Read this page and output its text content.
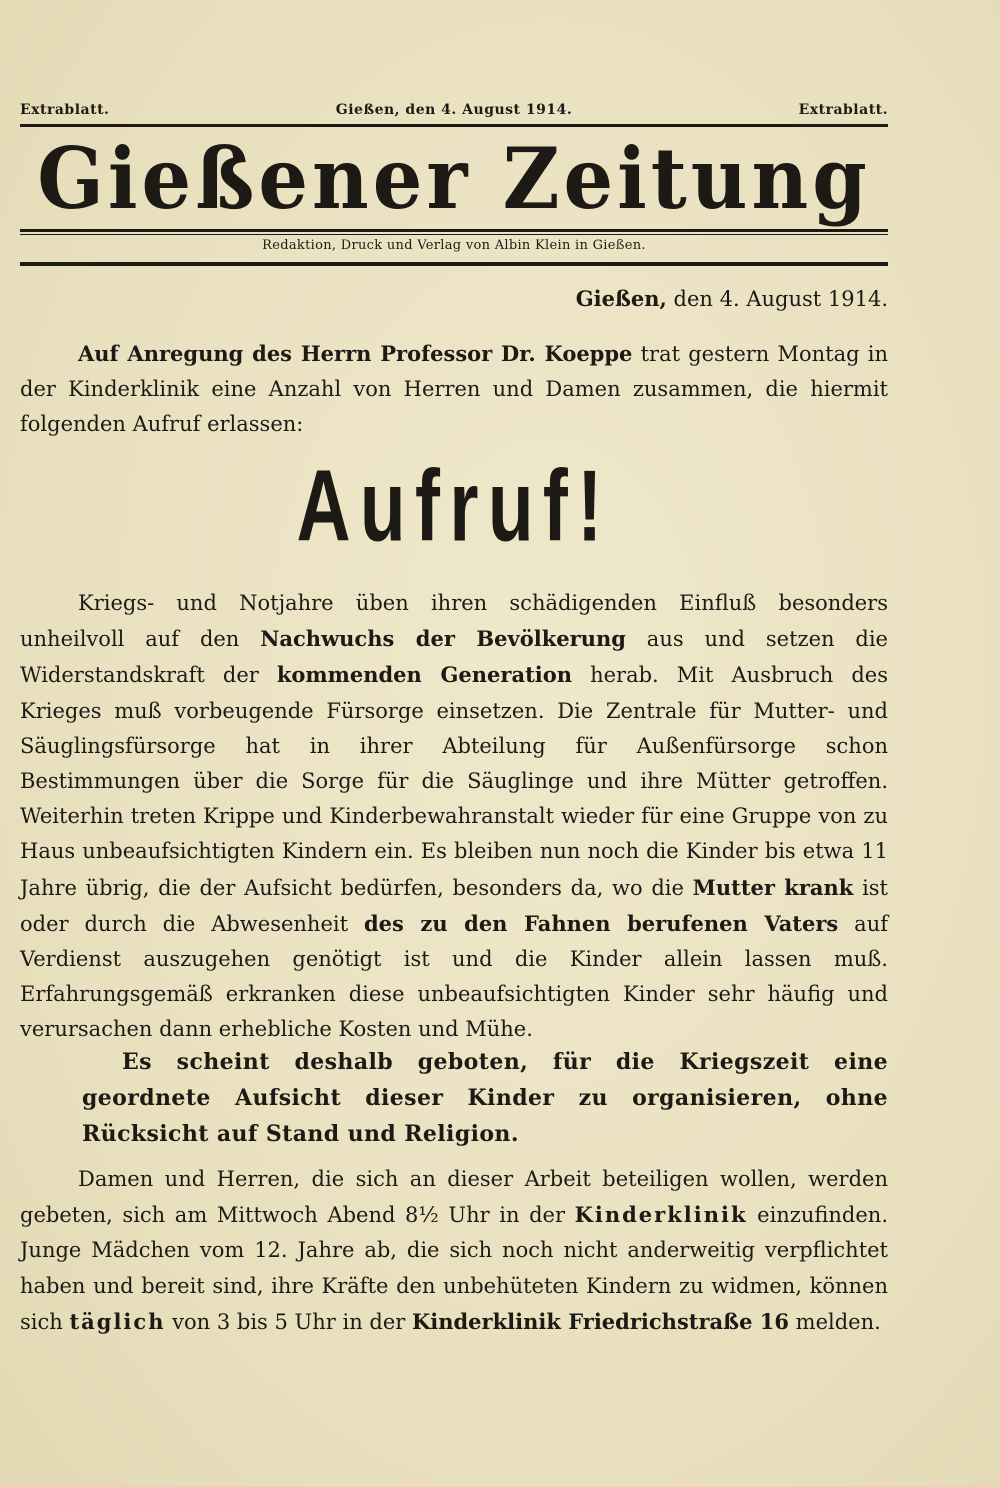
Extrablatt.	Gießen, den 4. August 1914.	Extrablatt.
Gießener Zeitung
Redaktion, Druck und Verlag von Albin Klein in Gießen.
Gießen, den 4. August 1914.

Auf Anregung des Herrn Professor Dr. Koeppe trat gestern Montag in der Kinderklinik eine Anzahl von Herren und Damen zusammen, die hiermit folgenden Aufruf erlassen:

Aufruf!

Kriegs- und Notjahre üben ihren schädigenden Einfluß besonders unheilvoll auf den Nachwuchs der Bevölkerung aus und setzen die Widerstandskraft der kommenden Generation herab. Mit Ausbruch des Krieges muß vorbeugende Fürsorge einsetzen. Die Zentrale für Mutter- und Säuglingsfürsorge hat in ihrer Abteilung für Außenfürsorge schon Bestimmungen über die Sorge für die Säuglinge und ihre Mütter getroffen. Weiterhin treten Krippe und Kinderbewahranstalt wieder für eine Gruppe von zu Haus unbeaufsichtigten Kindern ein. Es bleiben nun noch die Kinder bis etwa 11 Jahre übrig, die der Aufsicht bedürfen, besonders da, wo die Mutter krank ist oder durch die Abwesenheit des zu den Fahnen berufenen Vaters auf Verdienst auszugehen genötigt ist und die Kinder allein lassen muß. Erfahrungsgemäß erkranken diese unbeaufsichtigten Kinder sehr häufig und verursachen dann erhebliche Kosten und Mühe.

Es scheint deshalb geboten, für die Kriegszeit eine geordnete Aufsicht dieser Kinder zu organisieren, ohne Rücksicht auf Stand und Religion.

Damen und Herren, die sich an dieser Arbeit beteiligen wollen, werden gebeten, sich am Mittwoch Abend 8½ Uhr in der Kinderklinik einzufinden. Junge Mädchen vom 12. Jahre ab, die sich noch nicht anderweitig verpflichtet haben und bereit sind, ihre Kräfte den unbehüteten Kindern zu widmen, können sich täglich von 3 bis 5 Uhr in der Kinderklinik Friedrichstraße 16 melden.
